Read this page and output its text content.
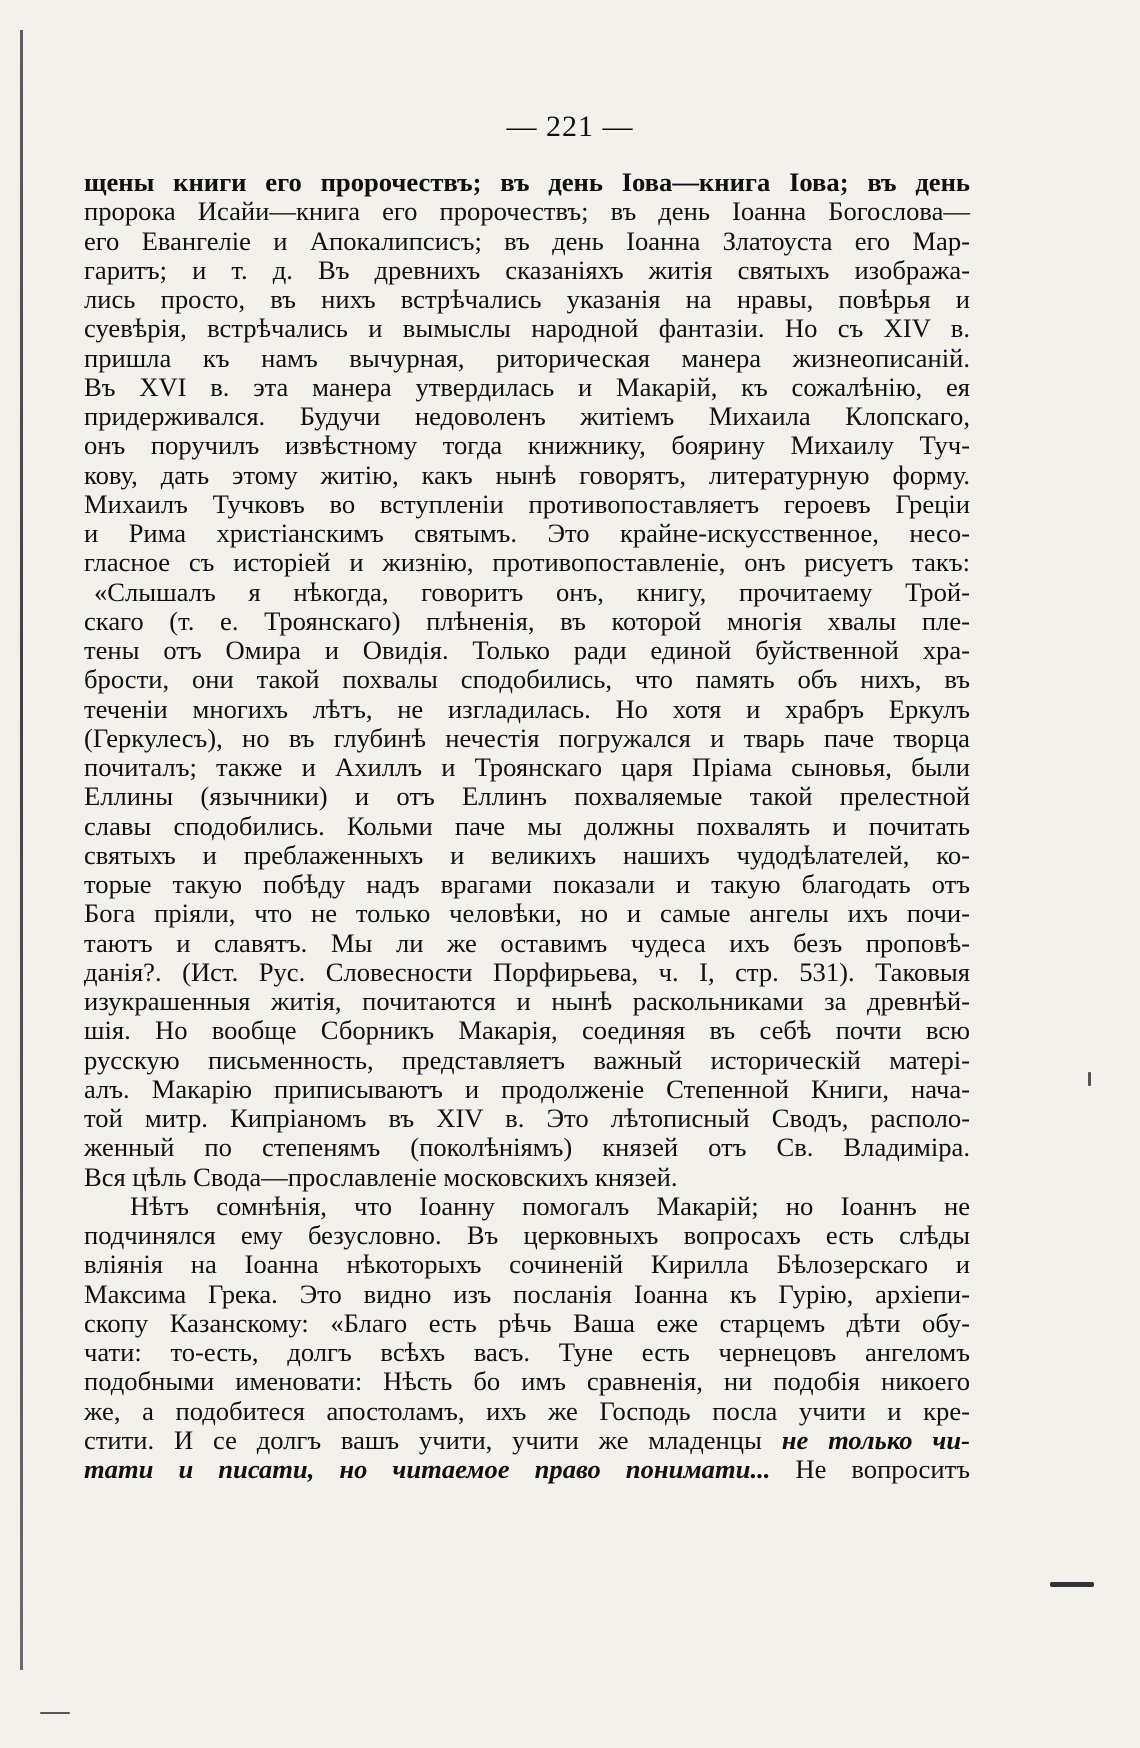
— 221 —
щены книги его пророчествъ; въ день Іова—книга Іова; въ день
пророка Исайи—книга его пророчествъ; въ день Іоанна Богослова—
его Евангеліе и Апокалипсисъ; въ день Іоанна Златоуста его Мар-
гаритъ; и т. д. Въ древнихъ сказаніяхъ житія святыхъ изобража-
лись просто, въ нихъ встрѣчались указанія на нравы, повѣрья и
суевѣрія, встрѣчались и вымыслы народной фантазіи. Но съ XIV в.
пришла къ намъ вычурная, риторическая манера жизнеописаній.
Въ XVI в. эта манера утвердилась и Макарій, къ сожалѣнію, ея
придерживался. Будучи недоволенъ житіемъ Михаила Клопскаго,
онъ поручилъ извѣстному тогда книжнику, боярину Михаилу Туч-
кову, дать этому житію, какъ нынѣ говорятъ, литературную форму.
Михаилъ Тучковъ во вступленіи противопоставляетъ героевъ Греціи
и Рима христіанскимъ святымъ. Это крайне-искусственное, несо-
гласное съ исторіей и жизнію, противопоставленіе, онъ рисуетъ такъ:
«Слышалъ я нѣкогда, говоритъ онъ, книгу, прочитаему Трой-
скаго (т. е. Троянскаго) плѣненія, въ которой многія хвалы пле-
тены отъ Омира и Овидія. Только ради единой буйственной хра-
брости, они такой похвалы сподобились, что память объ нихъ, въ
теченіи многихъ лѣтъ, не изгладилась. Но хотя и храбръ Еркулъ
(Геркулесъ), но въ глубинѣ нечестія погружался и тварь паче творца
почиталъ; также и Ахиллъ и Троянскаго царя Пріама сыновья, были
Еллины (язычники) и отъ Еллинъ похваляемые такой прелестной
славы сподобились. Кольми паче мы должны похвалять и почитать
святыхъ и преблаженныхъ и великихъ нашихъ чудодѣлателей, ко-
торые такую побѣду надъ врагами показали и такую благодать отъ
Бога пріяли, что не только человѣки, но и самые ангелы ихъ почи-
таютъ и славятъ. Мы ли же оставимъ чудеса ихъ безъ проповѣ-
данія?. (Ист. Рус. Словесности Порфирьева, ч. I, стр. 531). Таковыя
изукрашенныя житія, почитаются и нынѣ раскольниками за древнѣй-
шія. Но вообще Сборникъ Макарія, соединяя въ себѣ почти всю
русскую письменность, представляетъ важный историческій матері-
алъ. Макарію приписываютъ и продолженіе Степенной Книги, нача-
той митр. Кипріаномъ въ XIV в. Это лѣтописный Сводъ, располо-
женный по степенямъ (поколѣніямъ) князей отъ Св. Владиміра.
Вся цѣль Свода—прославленіе московскихъ князей.
Нѣтъ сомнѣнія, что Іоанну помогалъ Макарій; но Іоаннъ не
подчинялся ему безусловно. Въ церковныхъ вопросахъ есть слѣды
вліянія на Іоанна нѣкоторыхъ сочиненій Кирилла Бѣлозерскаго и
Максима Грека. Это видно изъ посланія Іоанна къ Гурію, архіепи-
скопу Казанскому: «Благо есть рѣчь Ваша еже старцемъ дѣти обу-
чати: то-есть, долгъ всѣхъ васъ. Туне есть чернецовъ ангеломъ
подобными именовати: Нѣсть бо имъ сравненія, ни подобія никоего
же, а подобитеся апостоламъ, ихъ же Господь посла учити и кре-
стити. И се долгъ вашъ учити, учити же младенцы не только чи-
тати и писати, но читаемое право понимати... Не вопроситъ
